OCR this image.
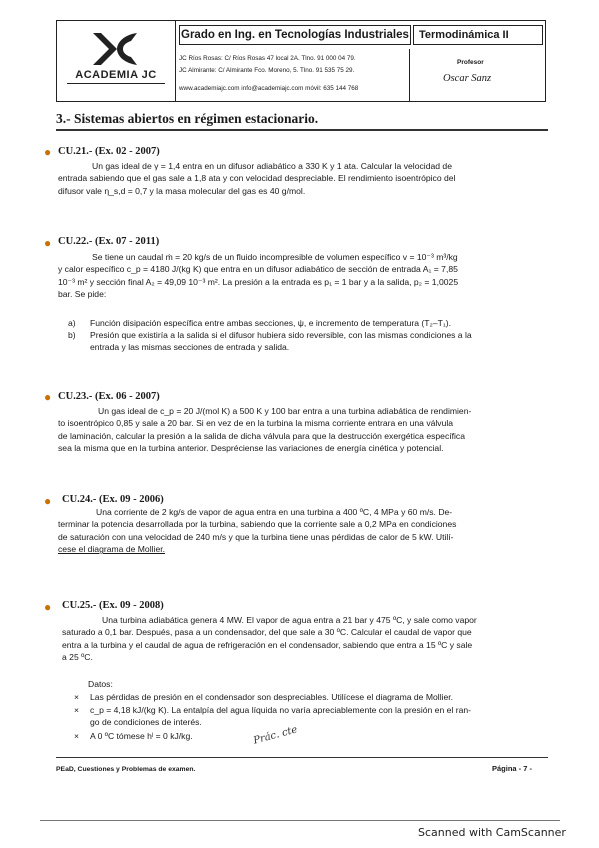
ACADEMIA JC
Grado en Ing. en Tecnologías Industriales
JC Ríos Rosas: C/ Ríos Rosas 47 local 2A. Tlno. 91 000 04 79.
JC Almirante: C/ Almirante Fco. Moreno, 5. Tlno. 91 535 75 29.
www.academiajc.com info@academiajc.com móvil: 635 144 768
Termodinámica II
Profesor
Oscar Sanz
3.- Sistemas abiertos en régimen estacionario.
● CU.21.- (Ex. 02 - 2007)
Un gas ideal de γ = 1,4 entra en un difusor adiabático a 330 K y 1 ata. Calcular la velocidad de
entrada sabiendo que el gas sale a 1,8 ata y con velocidad despreciable. El rendimiento isoentrópico del
difusor vale η_s,d = 0,7 y la masa molecular del gas es 40 g/mol.
● CU.22.- (Ex. 07 - 2011)
Se tiene un caudal ṁ = 20 kg/s de un fluido incompresible de volumen específico v = 10⁻³ m³/kg
y calor específico c_p = 4180 J/(kg K) que entra en un difusor adiabático de sección de entrada A₁ = 7,85
10⁻³ m² y sección final A₂ = 49,09 10⁻³ m². La presión a la entrada es p₁ = 1 bar y a la salida, p₂ = 1,0025
bar. Se pide:
a) Función disipación específica entre ambas secciones, ψ, e incremento de temperatura (T₂–T₁).
b) Presión que existiría a la salida si el difusor hubiera sido reversible, con las mismas condiciones a la
entrada y las mismas secciones de entrada y salida.
● CU.23.- (Ex. 06 - 2007)
Un gas ideal de c_p = 20 J/(mol K) a 500 K y 100 bar entra a una turbina adiabática de rendimien-
to isoentrópico 0,85 y sale a 20 bar. Si en vez de en la turbina la misma corriente entrara en una válvula
de laminación, calcular la presión a la salida de dicha válvula para que la destrucción exergética específica
sea la misma que en la turbina anterior. Despréciense las variaciones de energía cinética y potencial.
● CU.24.- (Ex. 09 - 2006)
Una corriente de 2 kg/s de vapor de agua entra en una turbina a 400 ºC, 4 MPa y 60 m/s. De-
terminar la potencia desarrollada por la turbina, sabiendo que la corriente sale a 0,2 MPa en condiciones
de saturación con una velocidad de 240 m/s y que la turbina tiene unas pérdidas de calor de 5 kW. Utilí-
cese el diagrama de Mollier.
● CU.25.- (Ex. 09 - 2008)
Una turbina adiabática genera 4 MW. El vapor de agua entra a 21 bar y 475 ºC, y sale como vapor
saturado a 0,1 bar. Después, pasa a un condensador, del que sale a 30 ºC. Calcular el caudal de vapor que
entra a la turbina y el caudal de agua de refrigeración en el condensador, sabiendo que entra a 15 ºC y sale
a 25 ºC.
Datos:
× Las pérdidas de presión en el condensador son despreciables. Utilícese el diagrama de Mollier.
× c_p = 4,18 kJ/(kg K). La entalpía del agua líquida no varía apreciablemente con la presión en el ran-
go de condiciones de interés.
× A 0 ºC tómese hˡ = 0 kJ/kg.	Prác. cte
PEaD, Cuestiones y Problemas de examen.	Página - 7 -
Scanned with CamScanner
